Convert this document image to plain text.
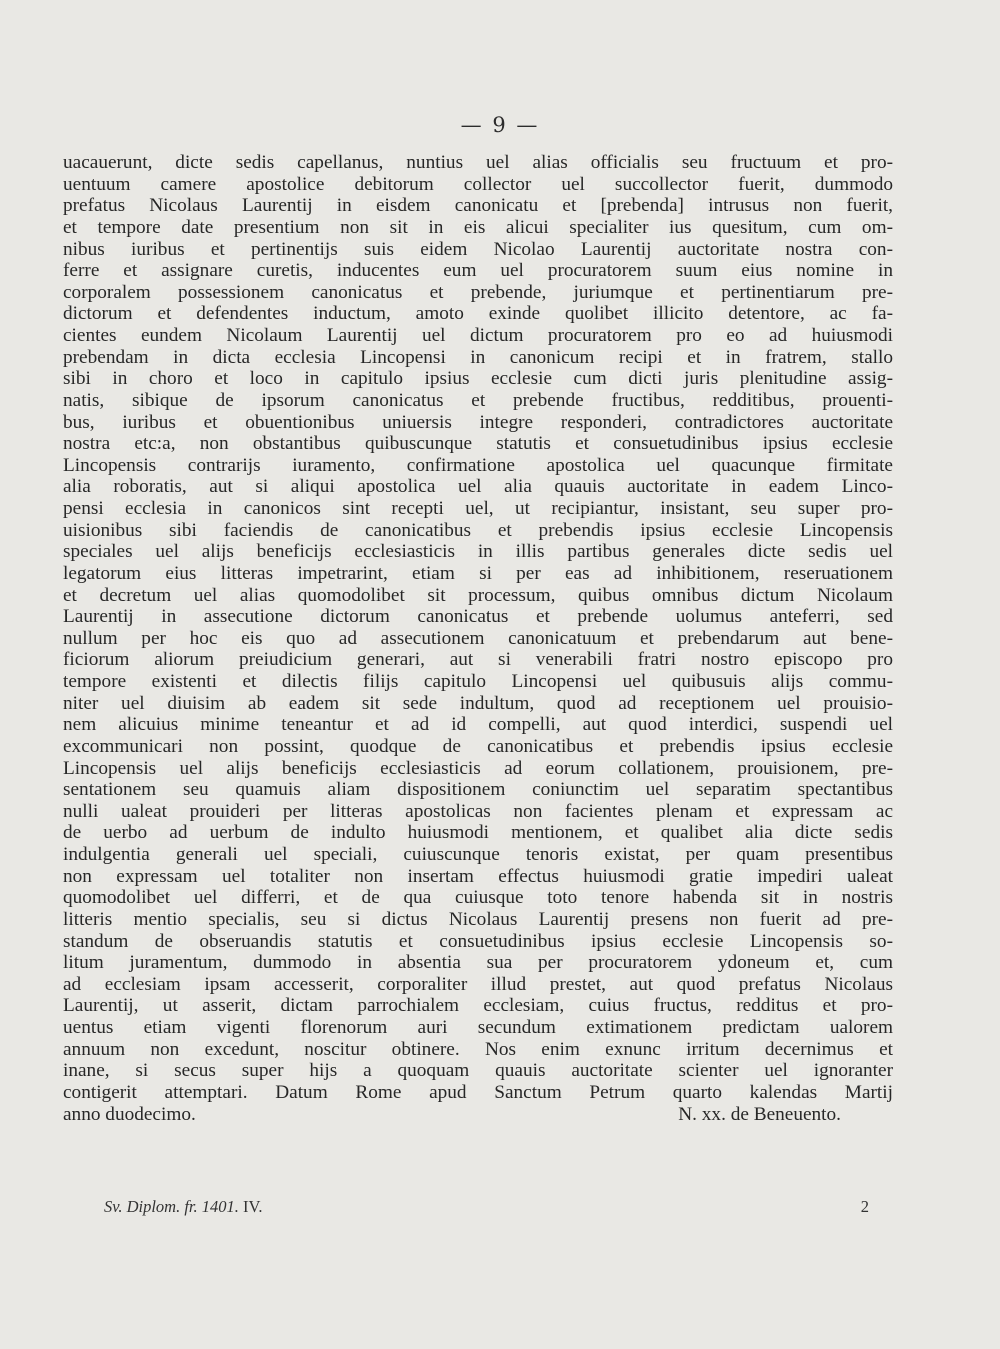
— 9 —
uacauerunt, dicte sedis capellanus, nuntius uel alias officialis seu fructuum et pro-
uentuum camere apostolice debitorum collector uel succollector fuerit, dummodo
prefatus Nicolaus Laurentij in eisdem canonicatu et [prebenda] intrusus non fuerit,
et tempore date presentium non sit in eis alicui specialiter ius quesitum, cum om-
nibus iuribus et pertinentijs suis eidem Nicolao Laurentij auctoritate nostra con-
ferre et assignare curetis, inducentes eum uel procuratorem suum eius nomine in
corporalem possessionem canonicatus et prebende, juriumque et pertinentiarum pre-
dictorum et defendentes inductum, amoto exinde quolibet illicito detentore, ac fa-
cientes eundem Nicolaum Laurentij uel dictum procuratorem pro eo ad huiusmodi
prebendam in dicta ecclesia Lincopensi in canonicum recipi et in fratrem, stallo
sibi in choro et loco in capitulo ipsius ecclesie cum dicti juris plenitudine assig-
natis, sibique de ipsorum canonicatus et prebende fructibus, redditibus, prouenti-
bus, iuribus et obuentionibus uniuersis integre responderi, contradictores auctoritate
nostra etc:a, non obstantibus quibuscunque statutis et consuetudinibus ipsius ecclesie
Lincopensis contrarijs iuramento, confirmatione apostolica uel quacunque firmitate
alia roboratis, aut si aliqui apostolica uel alia quauis auctoritate in eadem Linco-
pensi ecclesia in canonicos sint recepti uel, ut recipiantur, insistant, seu super pro-
uisionibus sibi faciendis de canonicatibus et prebendis ipsius ecclesie Lincopensis
speciales uel alijs beneficijs ecclesiasticis in illis partibus generales dicte sedis uel
legatorum eius litteras impetrarint, etiam si per eas ad inhibitionem, reseruationem
et decretum uel alias quomodolibet sit processum, quibus omnibus dictum Nicolaum
Laurentij in assecutione dictorum canonicatus et prebende uolumus anteferri, sed
nullum per hoc eis quo ad assecutionem canonicatuum et prebendarum aut bene-
ficiorum aliorum preiudicium generari, aut si venerabili fratri nostro episcopo pro
tempore existenti et dilectis filijs capitulo Lincopensi uel quibusuis alijs commu-
niter uel diuisim ab eadem sit sede indultum, quod ad receptionem uel prouisio-
nem alicuius minime teneantur et ad id compelli, aut quod interdici, suspendi uel
excommunicari non possint, quodque de canonicatibus et prebendis ipsius ecclesie
Lincopensis uel alijs beneficijs ecclesiasticis ad eorum collationem, prouisionem, pre-
sentationem seu quamuis aliam dispositionem coniunctim uel separatim spectantibus
nulli ualeat prouideri per litteras apostolicas non facientes plenam et expressam ac
de uerbo ad uerbum de indulto huiusmodi mentionem, et qualibet alia dicte sedis
indulgentia generali uel speciali, cuiuscunque tenoris existat, per quam presentibus
non expressam uel totaliter non insertam effectus huiusmodi gratie impediri ualeat
quomodolibet uel differri, et de qua cuiusque toto tenore habenda sit in nostris
litteris mentio specialis, seu si dictus Nicolaus Laurentij presens non fuerit ad pre-
standum de obseruandis statutis et consuetudinibus ipsius ecclesie Lincopensis so-
litum juramentum, dummodo in absentia sua per procuratorem ydoneum et, cum
ad ecclesiam ipsam accesserit, corporaliter illud prestet, aut quod prefatus Nicolaus
Laurentij, ut asserit, dictam parrochialem ecclesiam, cuius fructus, redditus et pro-
uentus etiam vigenti florenorum auri secundum extimationem predictam ualorem
annuum non excedunt, noscitur obtinere. Nos enim exnunc irritum decernimus et
inane, si secus super hijs a quoquam quauis auctoritate scienter uel ignoranter
contigerit attemptari. Datum Rome apud Sanctum Petrum quarto kalendas Martij
anno duodecimo.	N. xx. de Beneuento.
Sv. Diplom. fr. 1401. IV.	2
